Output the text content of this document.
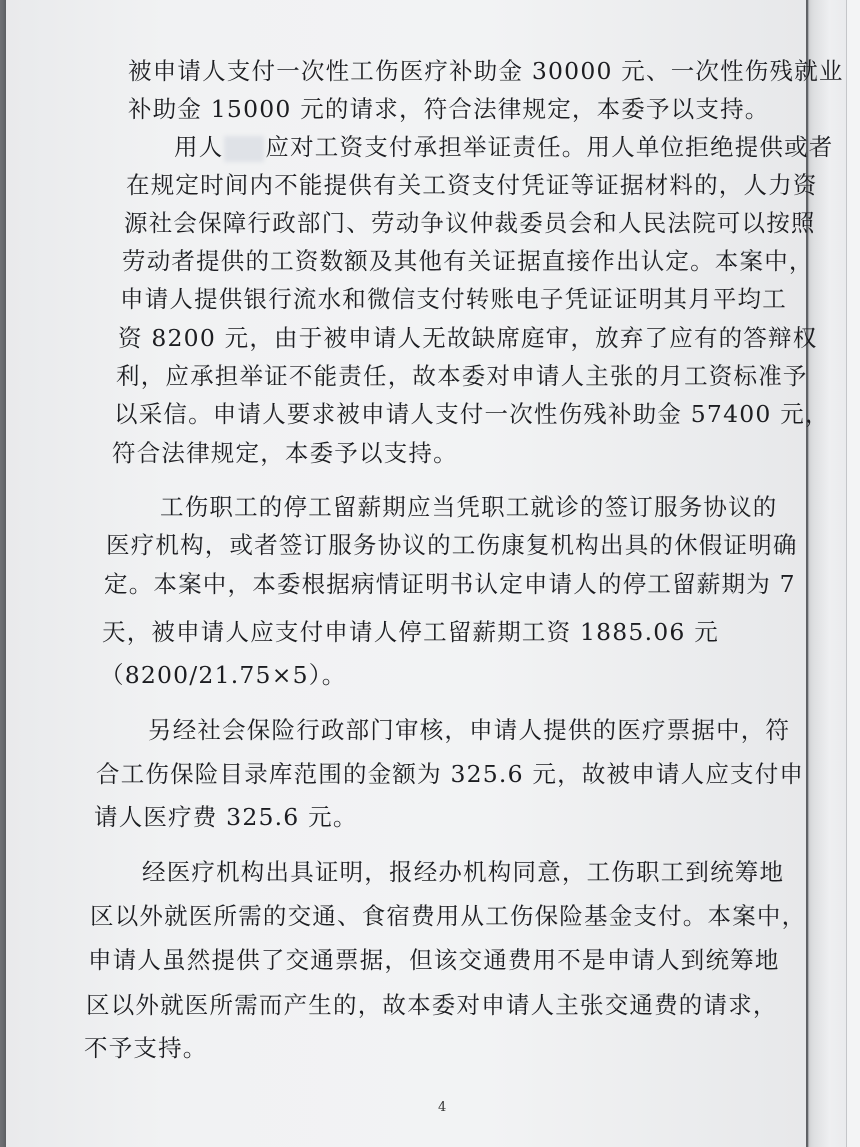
被申请人支付一次性工伤医疗补助金 30000 元、一次性伤残就业
补助金 15000 元的请求，符合法律规定，本委予以支持。
用人 应对工资支付承担举证责任。用人单位拒绝提供或者
在规定时间内不能提供有关工资支付凭证等证据材料的，人力资
源社会保障行政部门、劳动争议仲裁委员会和人民法院可以按照
劳动者提供的工资数额及其他有关证据直接作出认定。本案中，
申请人提供银行流水和微信支付转账电子凭证证明其月平均工
资 8200 元，由于被申请人无故缺席庭审，放弃了应有的答辩权
利，应承担举证不能责任，故本委对申请人主张的月工资标准予
以采信。申请人要求被申请人支付一次性伤残补助金 57400 元，
符合法律规定，本委予以支持。
工伤职工的停工留薪期应当凭职工就诊的签订服务协议的
医疗机构，或者签订服务协议的工伤康复机构出具的休假证明确
定。本案中，本委根据病情证明书认定申请人的停工留薪期为 7
天，被申请人应支付申请人停工留薪期工资 1885.06 元
（8200/21.75×5）。
另经社会保险行政部门审核，申请人提供的医疗票据中，符
合工伤保险目录库范围的金额为 325.6 元，故被申请人应支付申
请人医疗费 325.6 元。
经医疗机构出具证明，报经办机构同意，工伤职工到统筹地
区以外就医所需的交通、食宿费用从工伤保险基金支付。本案中，
申请人虽然提供了交通票据，但该交通费用不是申请人到统筹地
区以外就医所需而产生的，故本委对申请人主张交通费的请求，
不予支持。
4
